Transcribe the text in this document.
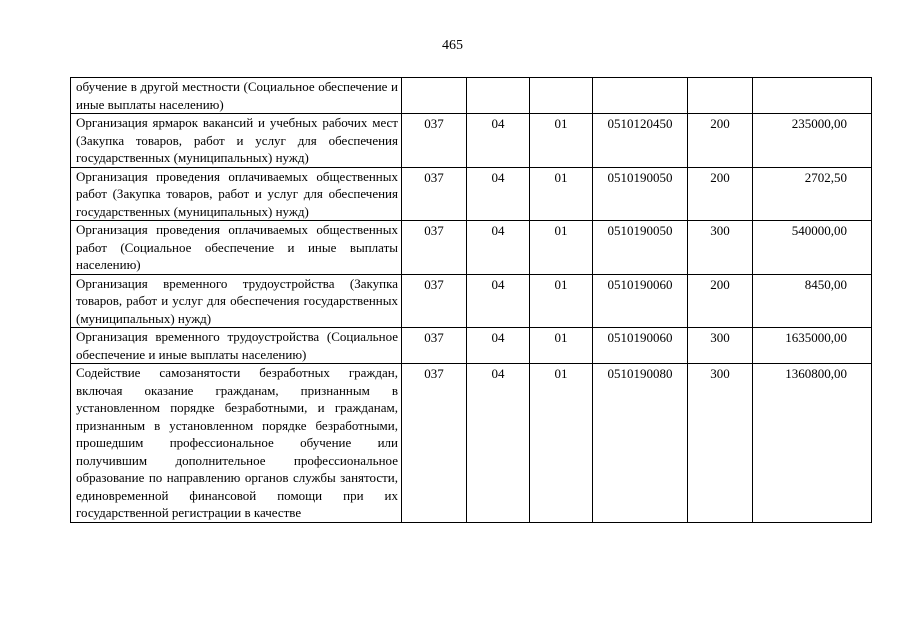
465
обучение в другой местности (Социальное обеспечение и иные выплаты населению)						
Организация ярмарок вакансий и учебных рабочих мест (Закупка товаров, работ и услуг для обеспечения государственных (муниципальных) нужд)	037	04	01	0510120450	200	235000,00
Организация проведения оплачиваемых общественных работ (Закупка товаров, работ и услуг для обеспечения государственных (муниципальных) нужд)	037	04	01	0510190050	200	2702,50
Организация проведения оплачиваемых общественных работ (Социальное обеспечение и иные выплаты населению)	037	04	01	0510190050	300	540000,00
Организация временного трудоустройства (Закупка товаров, работ и услуг для обеспечения государственных (муниципальных) нужд)	037	04	01	0510190060	200	8450,00
Организация временного трудоустройства (Социальное обеспечение и иные выплаты населению)	037	04	01	0510190060	300	1635000,00
Содействие самозанятости безработных граждан, включая оказание гражданам, признанным в установленном порядке безработными, и гражданам, признанным в установленном порядке безработными, прошедшим профессиональное обучение или получившим дополнительное профессиональное образование по направлению органов службы занятости, единовременной финансовой помощи при их государственной регистрации в качестве	037	04	01	0510190080	300	1360800,00
